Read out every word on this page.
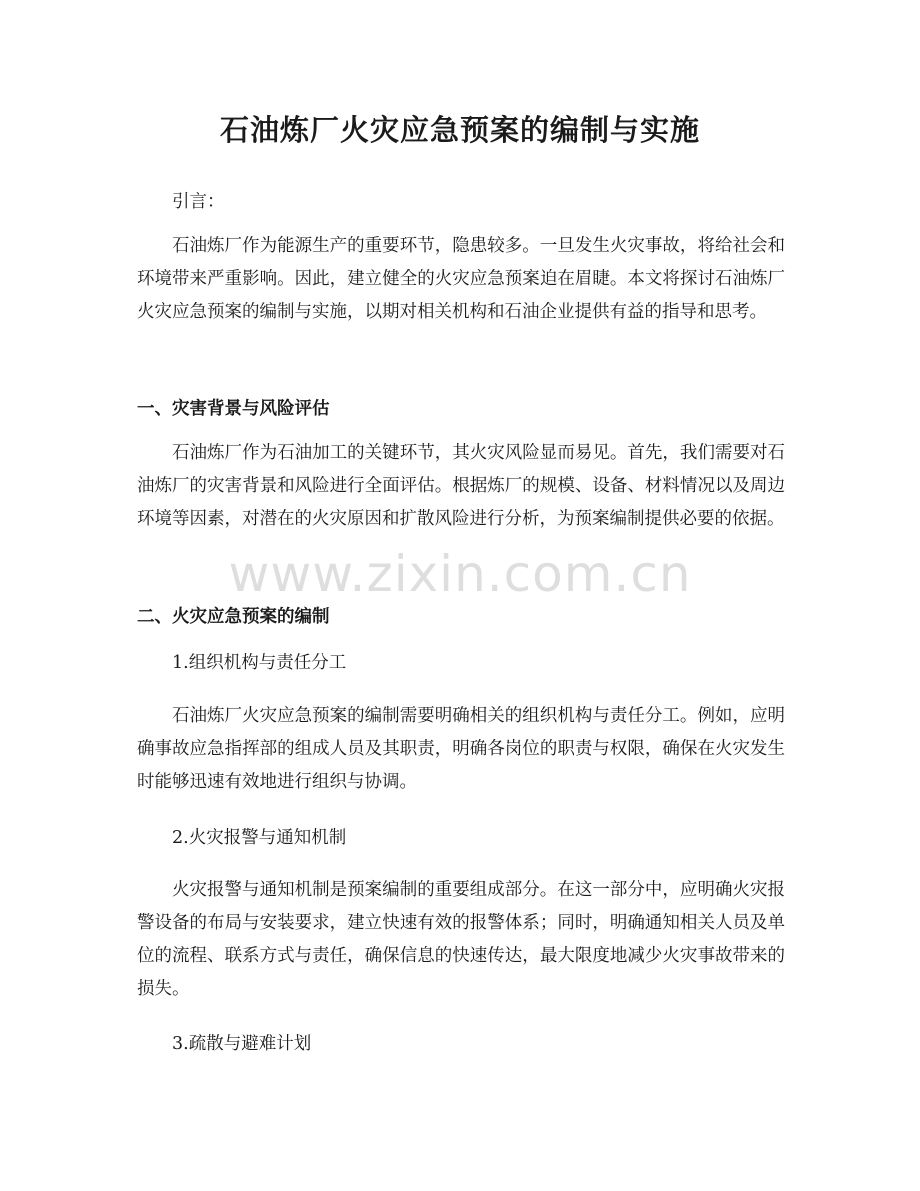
石油炼厂火灾应急预案的编制与实施
引言：
石油炼厂作为能源生产的重要环节，隐患较多。一旦发生火灾事故，将给社会和环境带来严重影响。因此，建立健全的火灾应急预案迫在眉睫。本文将探讨石油炼厂火灾应急预案的编制与实施，以期对相关机构和石油企业提供有益的指导和思考。
一、灾害背景与风险评估
石油炼厂作为石油加工的关键环节，其火灾风险显而易见。首先，我们需要对石油炼厂的灾害背景和风险进行全面评估。根据炼厂的规模、设备、材料情况以及周边环境等因素，对潜在的火灾原因和扩散风险进行分析，为预案编制提供必要的依据。
二、火灾应急预案的编制
1.组织机构与责任分工
石油炼厂火灾应急预案的编制需要明确相关的组织机构与责任分工。例如，应明确事故应急指挥部的组成人员及其职责，明确各岗位的职责与权限，确保在火灾发生时能够迅速有效地进行组织与协调。
2.火灾报警与通知机制
火灾报警与通知机制是预案编制的重要组成部分。在这一部分中，应明确火灾报警设备的布局与安装要求，建立快速有效的报警体系；同时，明确通知相关人员及单位的流程、联系方式与责任，确保信息的快速传达，最大限度地减少火灾事故带来的损失。
3.疏散与避难计划
www.zixin.com.cn
